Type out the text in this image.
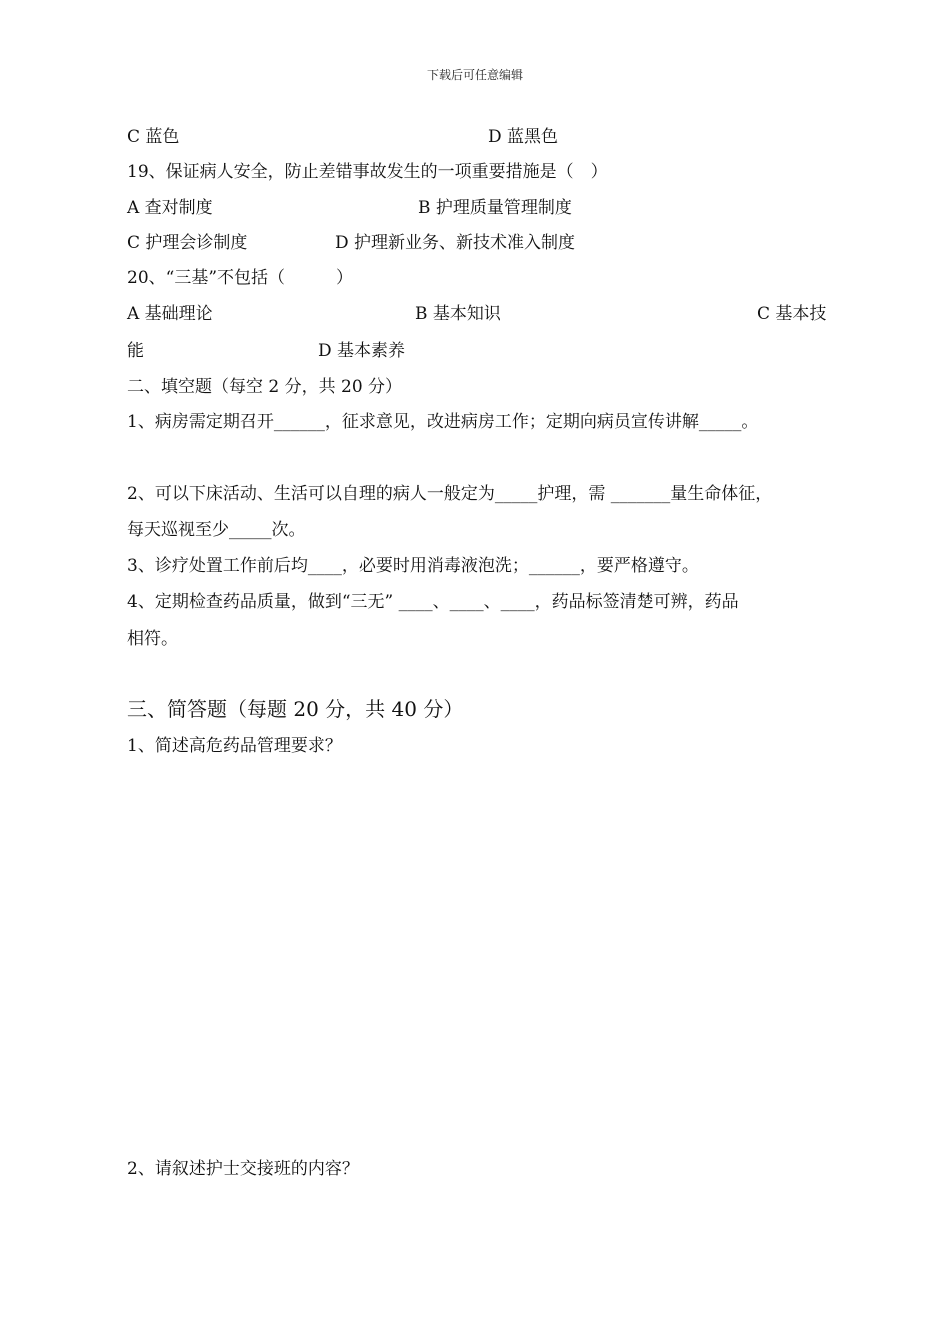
下载后可任意编辑
C 蓝色	D 蓝黑色
19、保证病人安全，防止差错事故发生的一项重要措施是（　）
A 查对制度	B 护理质量管理制度
C 护理会诊制度	D 护理新业务、新技术准入制度
20、“三基”不包括（　　　）
A 基础理论	B 基本知识	C 基本技
能	D 基本素养
二、填空题（每空 2 分，共 20 分）
1、病房需定期召开______，征求意见，改进病房工作；定期向病员宣传讲解_____。
2、可以下床活动、生活可以自理的病人一般定为_____护理，需 _______量生命体征，
每天巡视至少_____次。
3、诊疗处置工作前后均____，必要时用消毒液泡洗；______，要严格遵守。
4、定期检查药品质量，做到“三无” ____、____、____，药品标签清楚可辨，药品
相符。
三、简答题（每题 20 分，共 40 分）
1、简述高危药品管理要求？
2、请叙述护士交接班的内容？
